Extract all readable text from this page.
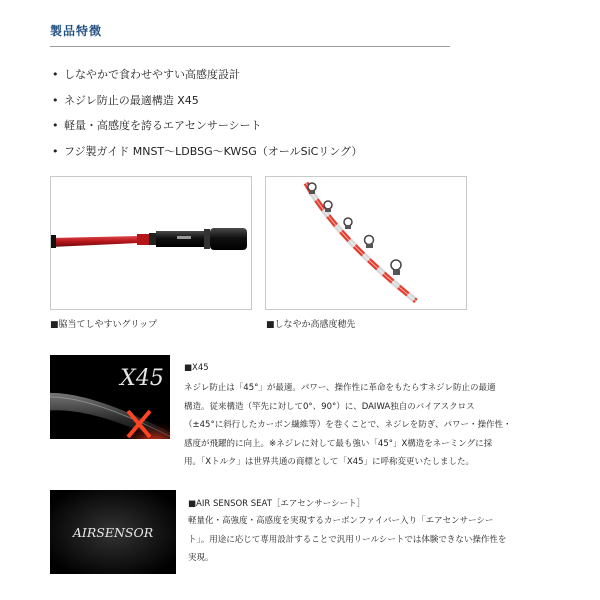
製品特徴
• しなやかで食わせやすい高感度設計
• ネジレ防止の最適構造 X45
• 軽量・高感度を誇るエアセンサーシート
• フジ製ガイド MNST～LDBSG～KWSG（オールSiCリング）
■脇当てしやすいグリップ	■しなやか高感度穂先
X45 ■X45
ネジレ防止は「45°」が最適。パワー、操作性に革命をもたらすネジレ防止の最適
構造。従来構造（竿先に対して0°、90°）に、DAIWA独自のバイアスクロス
（±45°に斜行したカーボン繊維等）を巻くことで、ネジレを防ぎ、パワー・操作性・
感度が飛躍的に向上。※ネジレに対して最も強い「45°」X構造をネーミングに採
用。「Xトルク」は世界共通の商標として「X45」に呼称変更いたしました。
AIRSENSOR
■AIR SENSOR SEAT［エアセンサーシート］
軽量化・高強度・高感度を実現するカーボンファイバー入り「エアセンサーシー
ト」。用途に応じて専用設計することで汎用リールシートでは体験できない操作性を
実現。
